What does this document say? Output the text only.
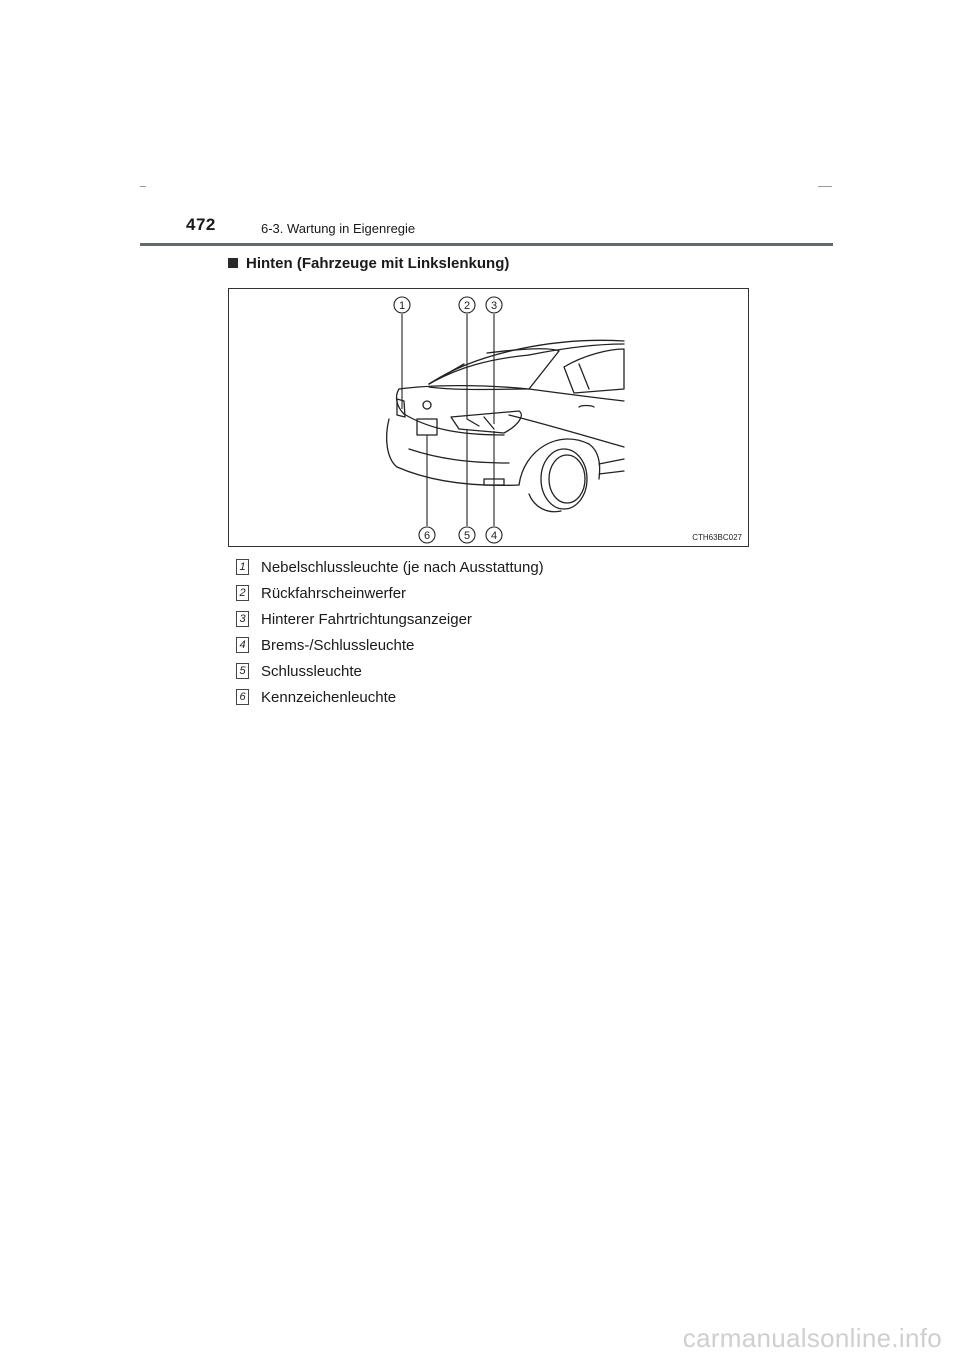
472	6-3. Wartung in Eigenregie
Hinten (Fahrzeuge mit Linkslenkung)
1	2 3
4
5
6	CTH63BC027
1 Nebelschlussleuchte (je nach Ausstattung)
2 Rückfahrscheinwerfer
3 Hinterer Fahrtrichtungsanzeiger
4 Brems-/Schlussleuchte
5 Schlussleuchte
6 Kennzeichenleuchte
carmanualsonline.info
